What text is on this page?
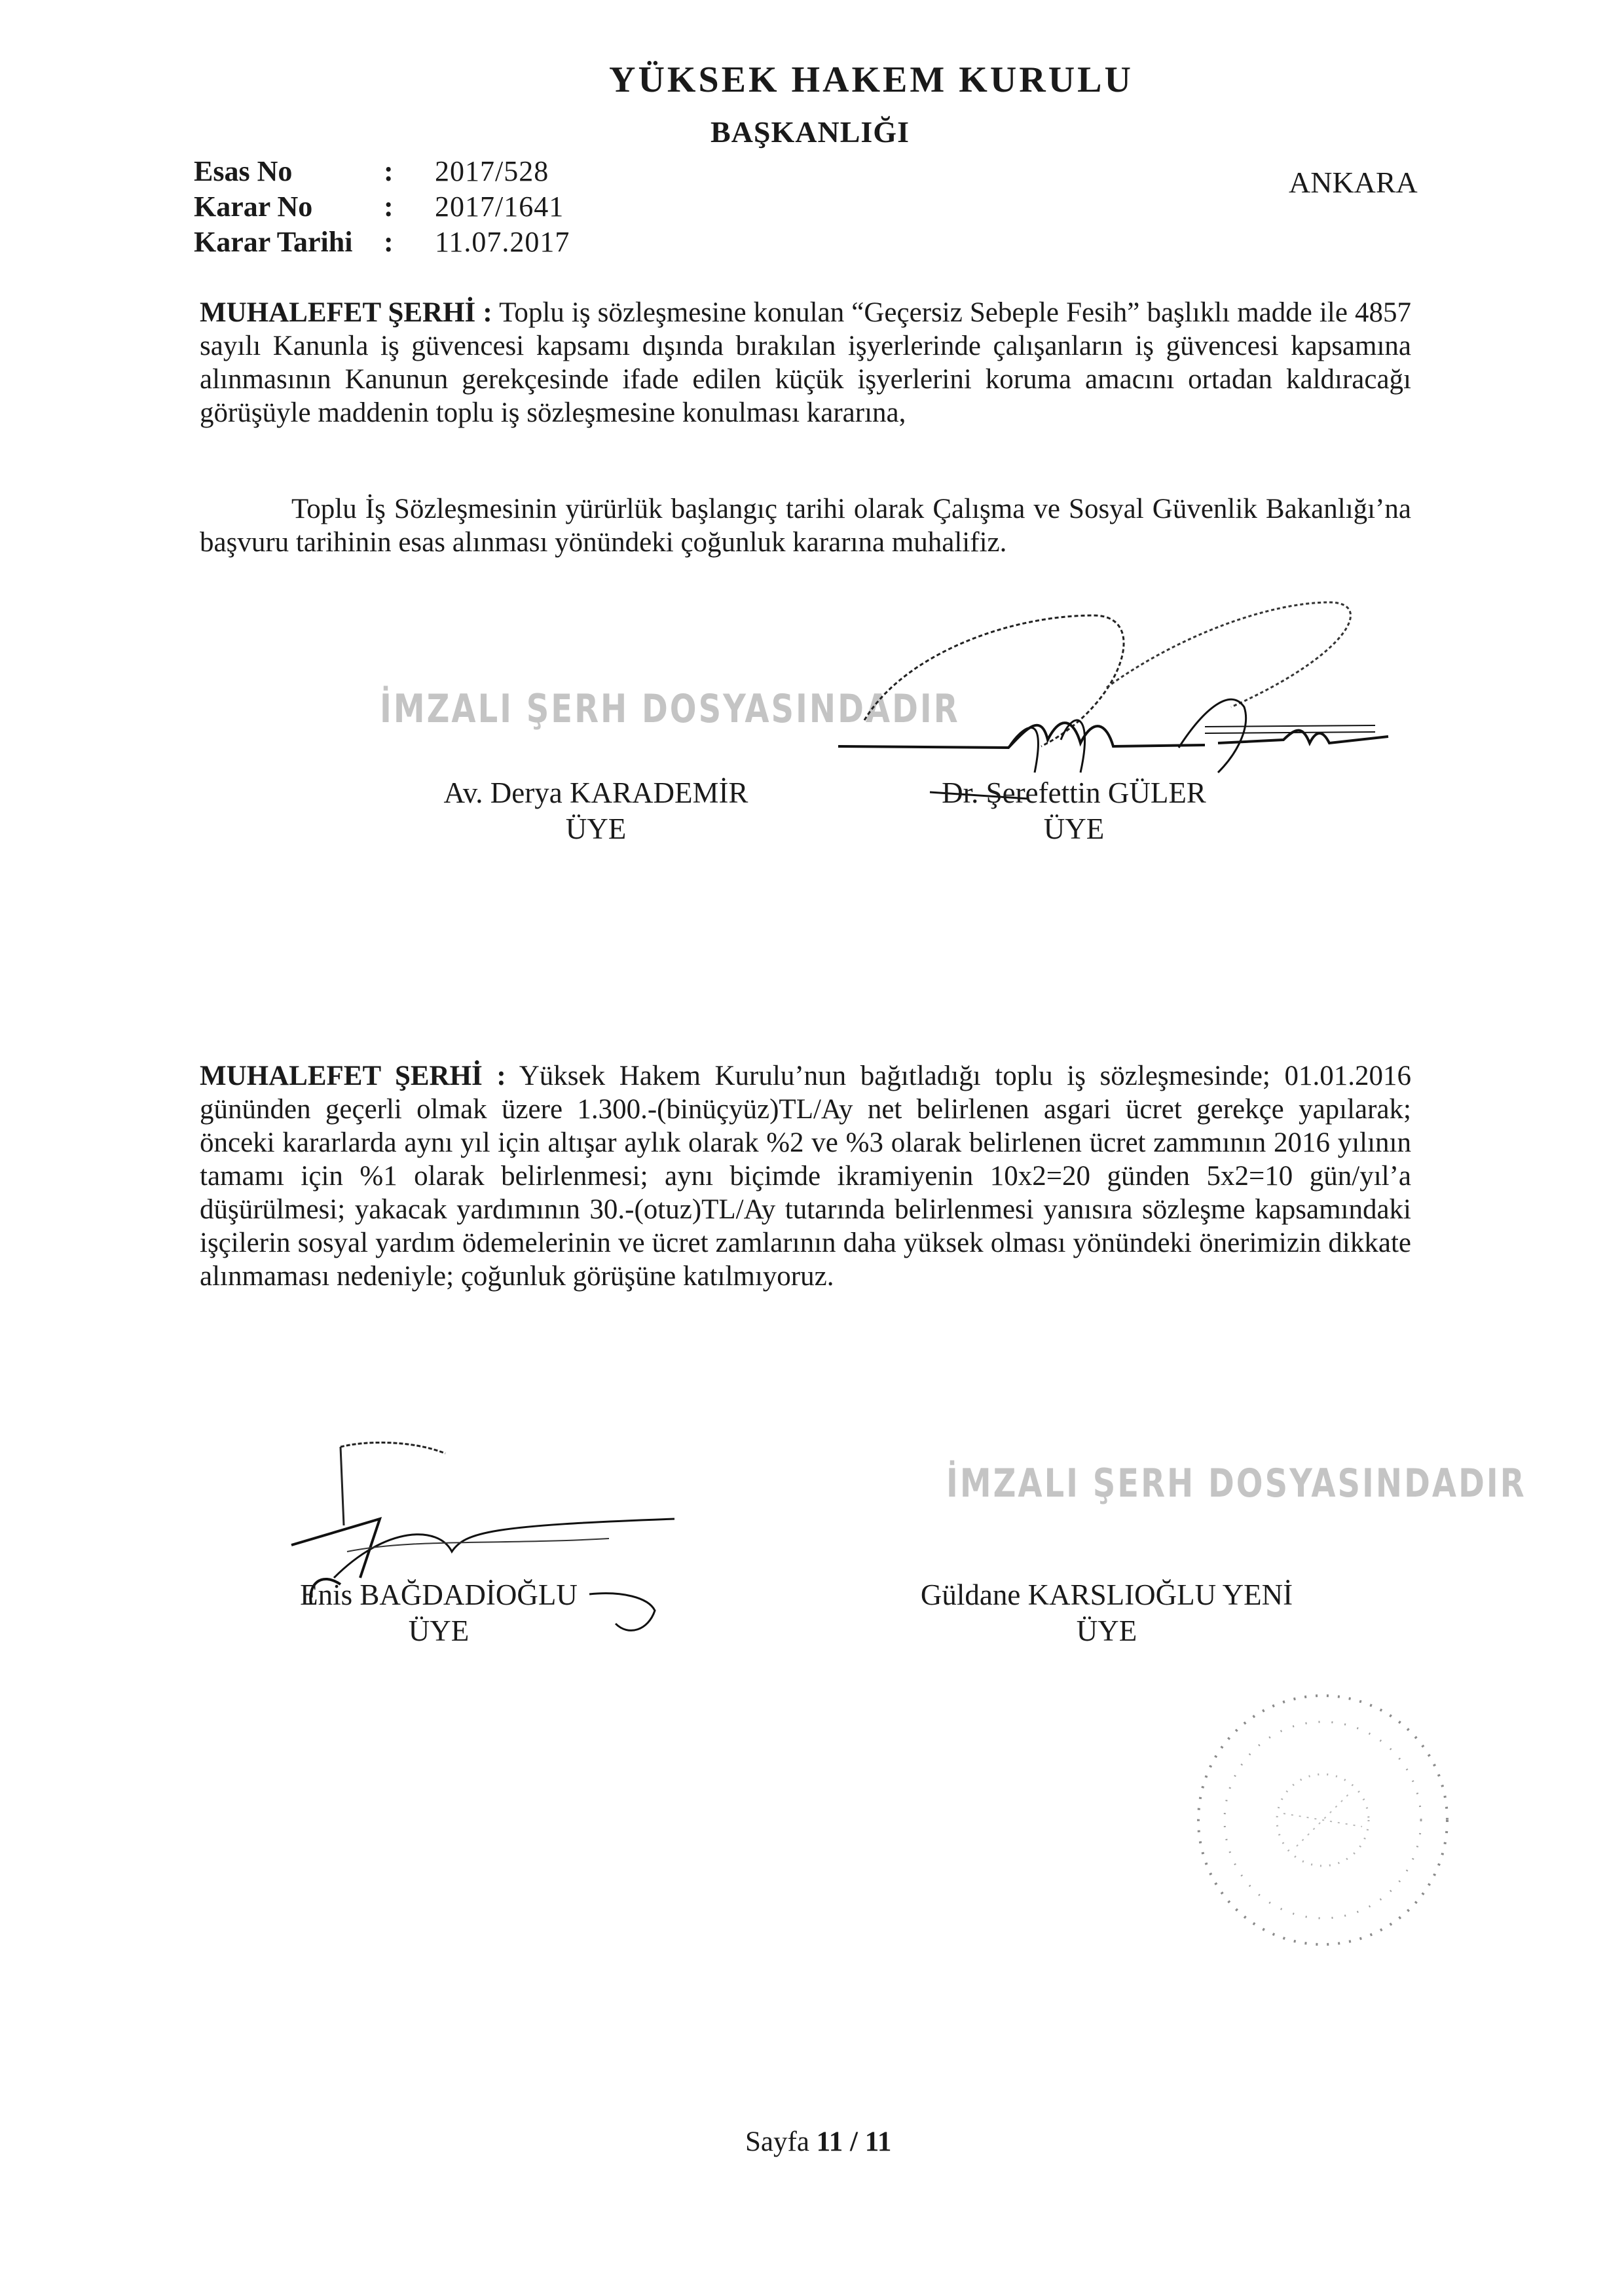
YÜKSEK HAKEM KURULU
BAŞKANLIĞI
ANKARA
Esas No	: 2017/528
Karar No : 2017/1641
Karar Tarihi : 11.07.2017
MUHALEFET ŞERHİ : Toplu iş sözleşmesine konulan “Geçersiz Sebeple Fesih” başlıklı madde ile 4857 sayılı Kanunla iş güvencesi kapsamı dışında bırakılan işyerlerinde çalışanların iş güvencesi kapsamına alınmasının Kanunun gerekçesinde ifade edilen küçük işyerlerini koruma amacını ortadan kaldıracağı görüşüyle maddenin toplu iş sözleşmesine konulması kararına,
Toplu İş Sözleşmesinin yürürlük başlangıç tarihi olarak Çalışma ve Sosyal Güvenlik Bakanlığı’na başvuru tarihinin esas alınması yönündeki çoğunluk kararına muhalifiz.
İMZALI ŞERH DOSYASINDADIR
Av. Derya KARADEMİR
ÜYE
Dr. Şerefettin GÜLER
ÜYE
MUHALEFET ŞERHİ : Yüksek Hakem Kurulu’nun bağıtladığı toplu iş sözleşmesinde; 01.01.2016 gününden geçerli olmak üzere 1.300.-(binüçyüz)TL/Ay net belirlenen asgari ücret gerekçe yapılarak; önceki kararlarda aynı yıl için altışar aylık olarak %2 ve %3 olarak belirlenen ücret zammının 2016 yılının tamamı için %1 olarak belirlenmesi; aynı biçimde ikramiyenin 10x2=20 günden 5x2=10 gün/yıl’a düşürülmesi; yakacak yardımının 30.-(otuz)TL/Ay tutarında belirlenmesi yanısıra sözleşme kapsamındaki işçilerin sosyal yardım ödemelerinin ve ücret zamlarının daha yüksek olması yönündeki önerimizin dikkate alınmaması nedeniyle; çoğunluk görüşüne katılmıyoruz.
İMZALI ŞERH DOSYASINDADIR
Enis BAĞDADİOĞLU
ÜYE
Güldane KARSLIOĞLU YENİ
ÜYE
Sayfa 11 / 11
